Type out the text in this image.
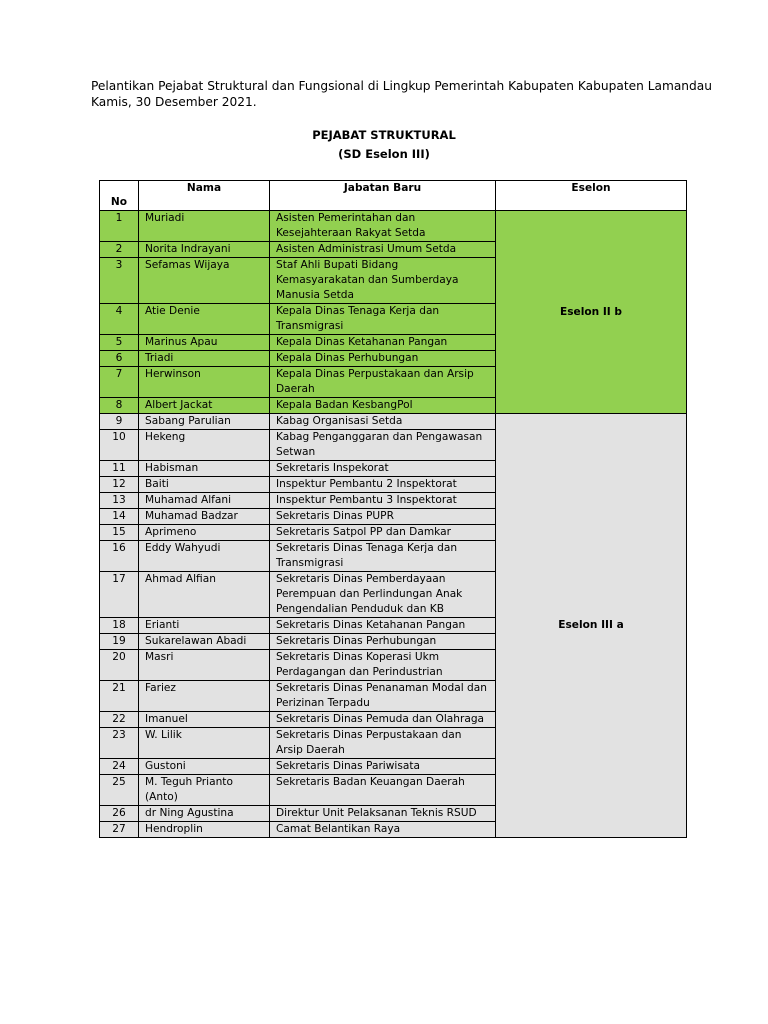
Pelantikan Pejabat Struktural dan Fungsional di Lingkup Pemerintah Kabupaten Kabupaten Lamandau
Kamis, 30 Desember 2021.
PEJABAT STRUKTURAL
(SD Eselon III)
No	Nama	Jabatan Baru	Eselon
1	Muriadi	Asisten Pemerintahan dan Kesejahteraan Rakyat Setda	Eselon II b
2	Norita Indrayani	Asisten Administrasi Umum Setda	
3	Sefamas Wijaya	Staf Ahli Bupati Bidang Kemasyarakatan dan Sumberdaya Manusia Setda	
4	Atie Denie	Kepala Dinas Tenaga Kerja dan Transmigrasi	
5	Marinus Apau	Kepala Dinas Ketahanan Pangan	
6	Triadi	Kepala Dinas Perhubungan	
7	Herwinson	Kepala Dinas Perpustakaan dan Arsip Daerah	
8	Albert Jackat	Kepala Badan KesbangPol	
9	Sabang Parulian	Kabag Organisasi Setda	Eselon III a
10	Hekeng	Kabag Penganggaran dan Pengawasan Setwan	
11	Habisman	Sekretaris Inspekorat	
12	Baiti	Inspektur Pembantu 2 Inspektorat	
13	Muhamad Alfani	Inspektur Pembantu 3 Inspektorat	
14	Muhamad Badzar	Sekretaris Dinas PUPR	
15	Aprimeno	Sekretaris Satpol PP dan Damkar	
16	Eddy Wahyudi	Sekretaris Dinas Tenaga Kerja dan Transmigrasi	
17	Ahmad Alfian	Sekretaris Dinas Pemberdayaan Perempuan dan Perlindungan Anak Pengendalian Penduduk dan KB	
18	Erianti	Sekretaris Dinas Ketahanan Pangan	
19	Sukarelawan Abadi	Sekretaris Dinas Perhubungan	
20	Masri	Sekretaris Dinas Koperasi Ukm Perdagangan dan Perindustrian	
21	Fariez	Sekretaris Dinas Penanaman Modal dan Perizinan Terpadu	
22	Imanuel	Sekretaris Dinas Pemuda dan Olahraga	
23	W. Lilik	Sekretaris Dinas Perpustakaan dan Arsip Daerah	
24	Gustoni	Sekretaris Dinas Pariwisata	
25	M. Teguh Prianto (Anto)	Sekretaris Badan Keuangan Daerah	
26	dr Ning Agustina	Direktur Unit Pelaksanan Teknis RSUD	
27	Hendroplin	Camat Belantikan Raya	
